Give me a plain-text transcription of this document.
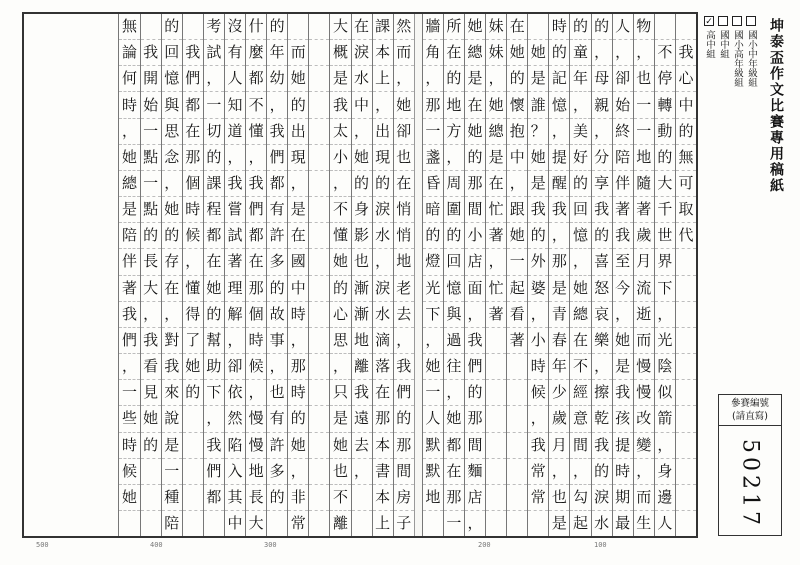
我
心
中
的
無
可
取
代

不
停
轉
動
的
大
千
世
界
下
，
光
陰
似
箭
，
身
邊
人
物
，
也
一
一
地
隨
著
歲
月
流
逝
而
慢
慢
改
變
，
而
生
人
，
卻
始
終
陪
伴
著
我
至
今
，
她
是
我
孩
提
時
期
最
的
，
母
親
，
分
享
我
的
喜
怒
哀
樂
，
擦
乾
我
的
淚
水
的
童
年
，
美
好
的
回
憶
，
她
總
在
不
經
意
間
，
勾
起
時
的
記
憶
，
提
醒
我
，
那
是
青
春
年
少
歲
月
，
也
是

她
是
誰
？
她
是
我
的
外
婆
，
小
時
候
，
我
常
常
在
她
的
懷
抱
中
，
跟
她
一
起
看
著
妹
妹
，
她
總
是
在
忙
著
，
忙
著
她
總
是
在
她
的
那
間
小
店
面
，
我
們
的
那
間
麵
店
，
所
在
的
地
方
，
周
圍
的
回
憶
與
過
往
，
她
都
在
那
一
牆
角
，
那
一
盞
昏
暗
的
燈
光
下
，
她
一
人
默
默
地
然
而
，
她
卻
也
在
悄
悄
地
老
去
，
我
們
的
那
間
房
子
課
本
上
，
出
現
的
淚
水
，
淚
水
滴
落
在
那
本
書
本
上
在
淚
水
中
，
她
的
身
影
也
漸
漸
地
離
我
遠
去
，
大
概
是
我
太
小
，
不
懂
她
的
心
思
，
只
是
她
也
不
離

而
她
的
出
現
，
是
在
國
中
時
，
那
時
的
她
，
非
常
的
年
幼
，
我
們
都
有
許
多
的
故
事
，
也
有
許
多
的
什
麼
都
不
懂
，
我
們
都
在
那
個
時
候
，
慢
慢
地
長
大
沒
有
人
知
道
，
我
嘗
試
著
理
解
，
卻
依
然
陷
入
其
中
考
試
，
一
切
的
課
程
都
在
她
的
幫
助
下
，
我
們
都

我
們
都
在
那
個
時
候
，
懂
得
了
她
的
的
回
憶
與
思
念
，
她
的
存
在
，
對
我
來
說
是
一
種
陪

我
開
始
一
點
一
點
的
長
大
，
我
看
見
她
的
無
論
何
時
，
她
總
是
陪
伴
著
我
們
，
一
些
時
候
她
坤泰盃作文比賽專用稿紙
國小中年級組
國小高年級組
國中組
✓
高中組
參賽編號
(請直寫)
50217
500	400	300	200	100
